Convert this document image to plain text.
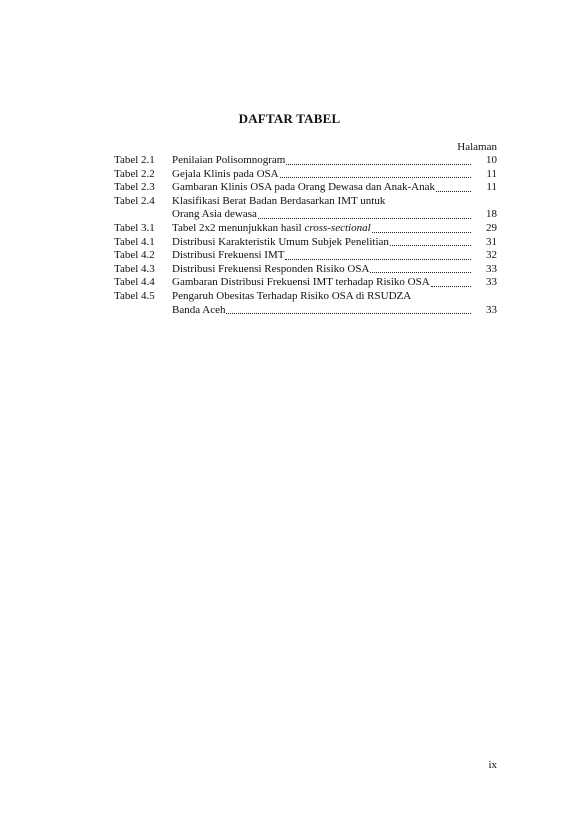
DAFTAR TABEL
Halaman
Tabel 2.1	Penilaian Polisomnogram	10
Tabel 2.2	Gejala Klinis pada OSA	11
Tabel 2.3	Gambaran Klinis OSA pada Orang Dewasa dan Anak-Anak	11
Tabel 2.4	Klasifikasi Berat Badan Berdasarkan IMT untuk
Orang Asia dewasa	18
Tabel 3.1	Tabel 2x2 menunjukkan hasil cross-sectional	29
Tabel 4.1	Distribusi Karakteristik Umum Subjek Penelitian	31
Tabel 4.2	Distribusi Frekuensi IMT	32
Tabel 4.3	Distribusi Frekuensi Responden Risiko OSA	33
Tabel 4.4	Gambaran Distribusi Frekuensi IMT terhadap Risiko OSA	33
Tabel 4.5	Pengaruh Obesitas Terhadap Risiko OSA di RSUDZA
Banda Aceh	33
ix
